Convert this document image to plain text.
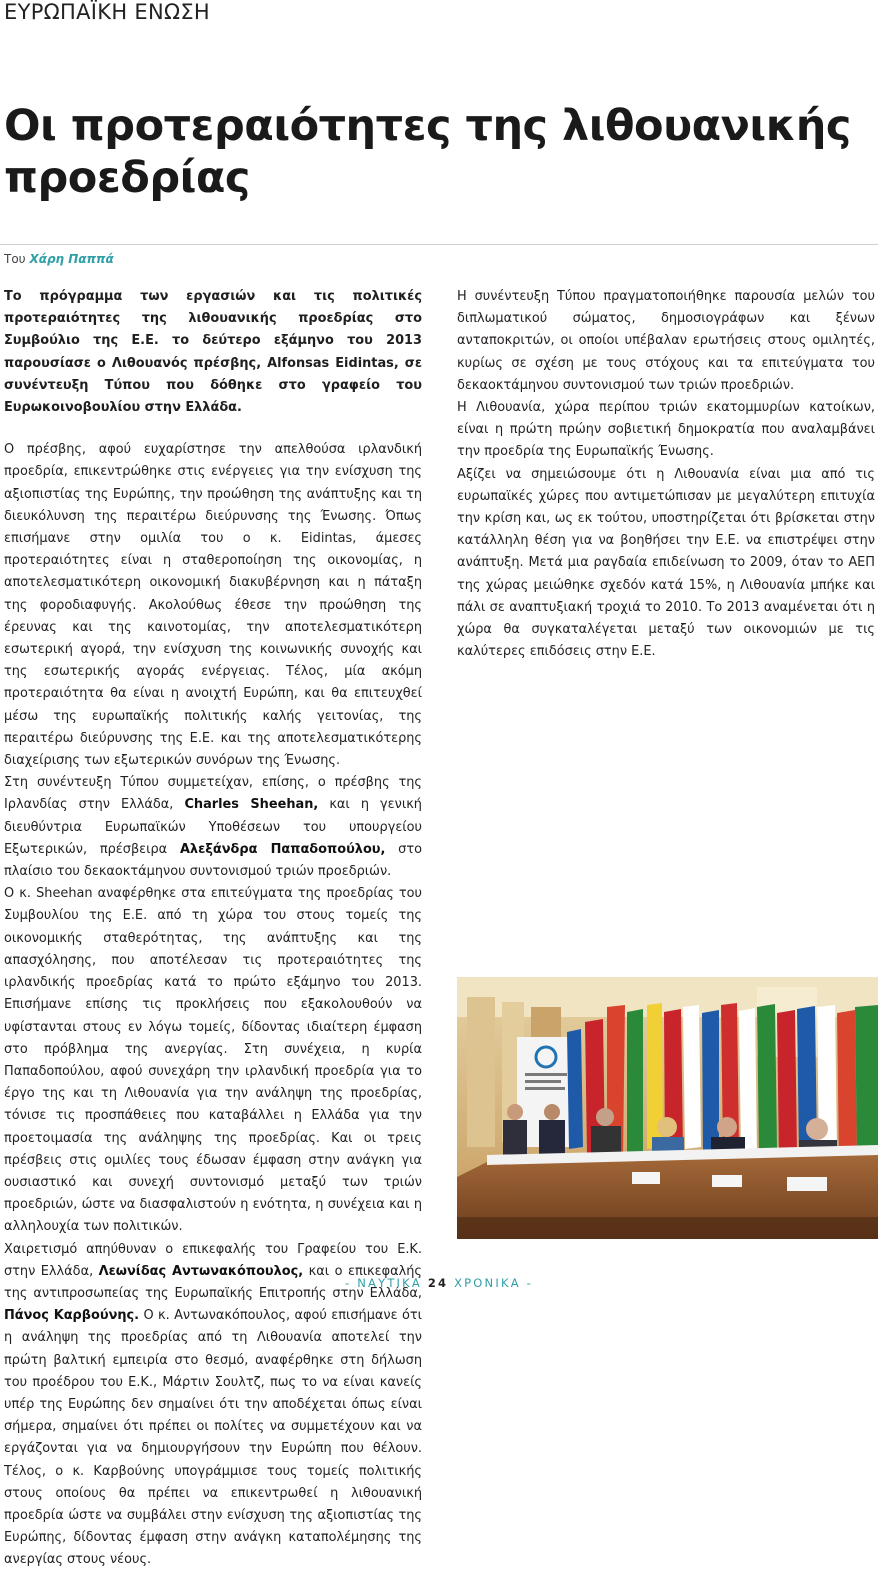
ΕΥΡΩΠΑΪΚΗ ΕΝΩΣΗ
Οι προτεραιότητες της λιθουανικής προεδρίας
Του Χάρη Παππά

Το πρόγραμμα των εργασιών και τις πολιτικές προτεραιότητες της λιθουανικής προεδρίας στο Συμβούλιο της Ε.Ε. το δεύτερο εξάμηνο του 2013 παρουσίασε ο Λιθουανός πρέσβης, Alfonsas Eidintas, σε συνέντευξη Τύπου που δόθηκε στο γραφείο του Ευρωκοινοβουλίου στην Ελλάδα.

Ο πρέσβης, αφού ευχαρίστησε την απελθούσα ιρλανδική προεδρία, επικεντρώθηκε στις ενέργειες για την ενίσχυση της αξιοπιστίας της Ευρώπης, την προώθηση της ανάπτυξης και τη διευκόλυνση της περαιτέρω διεύρυνσης της Ένωσης. Όπως επισήμανε στην ομιλία του ο κ. Eidintas, άμεσες προτεραιότητες είναι η σταθεροποίηση της οικονομίας, η αποτελεσματικότερη οικονομική διακυβέρνηση και η πάταξη της φοροδιαφυγής. Ακολούθως έθεσε την προώθηση της έρευνας και της καινοτομίας, την αποτελεσματικότερη εσωτερική αγορά, την ενίσχυση της κοινωνικής συνοχής και της εσωτερικής αγοράς ενέργειας. Τέλος, μία ακόμη προτεραιότητα θα είναι η ανοιχτή Ευρώπη, και θα επιτευχθεί μέσω της ευρωπαϊκής πολιτικής καλής γειτονίας, της περαιτέρω διεύρυνσης της Ε.Ε. και της αποτελεσματικότερης διαχείρισης των εξωτερικών συνόρων της Ένωσης.

Στη συνέντευξη Τύπου συμμετείχαν, επίσης, ο πρέσβης της Ιρλανδίας στην Ελλάδα, Charles Sheehan, και η γενική διευθύντρια Ευρωπαϊκών Υποθέσεων του υπουργείου Εξωτερικών, πρέσβειρα Αλεξάνδρα Παπαδοπούλου, στο πλαίσιο του δεκαοκτάμηνου συντονισμού τριών προεδριών.

Ο κ. Sheehan αναφέρθηκε στα επιτεύγματα της προεδρίας του Συμβουλίου της Ε.Ε. από τη χώρα του στους τομείς της οικονομικής σταθερότητας, της ανάπτυξης και της απασχόλησης, που αποτέλεσαν τις προτεραιότητες της ιρλανδικής προεδρίας κατά το πρώτο εξάμηνο του 2013. Επισήμανε επίσης τις προκλήσεις που εξακολουθούν να υφίστανται στους εν λόγω τομείς, δίδοντας ιδιαίτερη έμφαση στο πρόβλημα της ανεργίας. Στη συνέχεια, η κυρία Παπαδοπούλου, αφού συνεχάρη την ιρλανδική προεδρία για το έργο της και τη Λιθουανία για την ανάληψη της προεδρίας, τόνισε τις προσπάθειες που καταβάλλει η Ελλάδα για την προετοιμασία της ανάληψης της προεδρίας. Και οι τρεις πρέσβεις στις ομιλίες τους έδωσαν έμφαση στην ανάγκη για ουσιαστικό και συνεχή συντονισμό μεταξύ των τριών προεδριών, ώστε να διασφαλιστούν η ενότητα, η συνέχεια και η αλληλουχία των πολιτικών.

Χαιρετισμό απηύθυναν ο επικεφαλής του Γραφείου του Ε.Κ. στην Ελλάδα, Λεωνίδας Αντωνακόπουλος, και ο επικεφαλής της αντιπροσωπείας της Ευρωπαϊκής Επιτροπής στην Ελλάδα, Πάνος Καρβούνης. Ο κ. Αντωνακόπουλος, αφού επισήμανε ότι η ανάληψη της προεδρίας από τη Λιθουανία αποτελεί την πρώτη βαλτική εμπειρία στο θεσμό, αναφέρθηκε στη δήλωση του προέδρου του Ε.Κ., Μάρτιν Σουλτζ, πως το να είναι κανείς υπέρ της Ευρώπης δεν σημαίνει ότι την αποδέχεται όπως είναι σήμερα, σημαίνει ότι πρέπει οι πολίτες να συμμετέχουν και να εργάζονται για να δημιουργήσουν την Ευρώπη που θέλουν. Τέλος, ο κ. Καρβούνης υπογράμμισε τους τομείς πολιτικής στους οποίους θα πρέπει να επικεντρωθεί η λιθουανική προεδρία ώστε να συμβάλει στην ενίσχυση της αξιοπιστίας της Ευρώπης, δίδοντας έμφαση στην ανάγκη καταπολέμησης της ανεργίας στους νέους.

Η συνέντευξη Τύπου πραγματοποιήθηκε παρουσία μελών του διπλωματικού σώματος, δημοσιογράφων και ξένων ανταποκριτών, οι οποίοι υπέβαλαν ερωτήσεις στους ομιλητές, κυρίως σε σχέση με τους στόχους και τα επιτεύγματα του δεκαοκτάμηνου συντονισμού των τριών προεδριών.

Η Λιθουανία, χώρα περίπου τριών εκατομμυρίων κατοίκων, είναι η πρώτη πρώην σοβιετική δημοκρατία που αναλαμβάνει την προεδρία της Ευρωπαϊκής Ένωσης.

Αξίζει να σημειώσουμε ότι η Λιθουανία είναι μια από τις ευρωπαϊκές χώρες που αντιμετώπισαν με μεγαλύτερη επιτυχία την κρίση και, ως εκ τούτου, υποστηρίζεται ότι βρίσκεται στην κατάλληλη θέση για να βοηθήσει την Ε.Ε. να επιστρέψει στην ανάπτυξη. Μετά μια ραγδαία επιδείνωση το 2009, όταν το ΑΕΠ της χώρας μειώθηκε σχεδόν κατά 15%, η Λιθουανία μπήκε και πάλι σε αναπτυξιακή τροχιά το 2010. Το 2013 αναμένεται ότι η χώρα θα συγκαταλέγεται μεταξύ των οικονομιών με τις καλύτερες επιδόσεις στην Ε.Ε.

- ΝΑΥΤΙΚΑ 24 ΧΡΟΝΙΚΑ -
